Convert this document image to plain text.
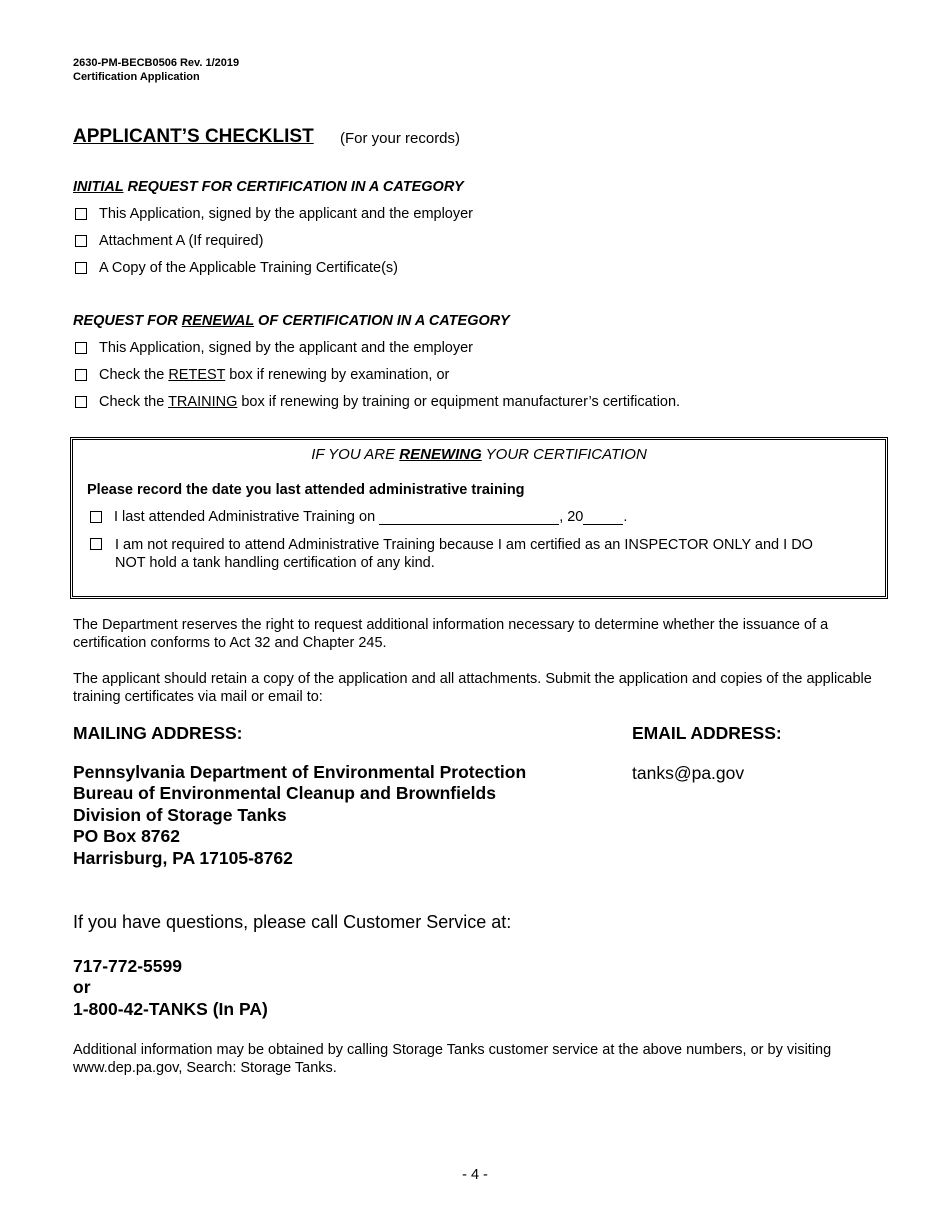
2630-PM-BECB0506 Rev. 1/2019
Certification Application
APPLICANT’S CHECKLIST (For your records)
INITIAL REQUEST FOR CERTIFICATION IN A CATEGORY
This Application, signed by the applicant and the employer
Attachment A (If required)
A Copy of the Applicable Training Certificate(s)
REQUEST FOR RENEWAL OF CERTIFICATION IN A CATEGORY
This Application, signed by the applicant and the employer
Check the RETEST box if renewing by examination, or
Check the TRAINING box if renewing by training or equipment manufacturer’s certification.
IF YOU ARE RENEWING YOUR CERTIFICATION
Please record the date you last attended administrative training
I last attended Administrative Training on	, 20	.
I am not required to attend Administrative Training because I am certified as an INSPECTOR ONLY and I DO
NOT hold a tank handling certification of any kind.
The Department reserves the right to request additional information necessary to determine whether the issuance of a certification conforms to Act 32 and Chapter 245.
The applicant should retain a copy of the application and all attachments. Submit the application and copies of the applicable training certificates via mail or email to:
MAILING ADDRESS:	EMAIL ADDRESS:
Pennsylvania Department of Environmental Protection
Bureau of Environmental Cleanup and Brownfields
Division of Storage Tanks
PO Box 8762
Harrisburg, PA 17105-8762
tanks@pa.gov
If you have questions, please call Customer Service at:
717-772-5599
or
1-800-42-TANKS (In PA)
Additional information may be obtained by calling Storage Tanks customer service at the above numbers, or by visiting www.dep.pa.gov, Search: Storage Tanks.
- 4 -
